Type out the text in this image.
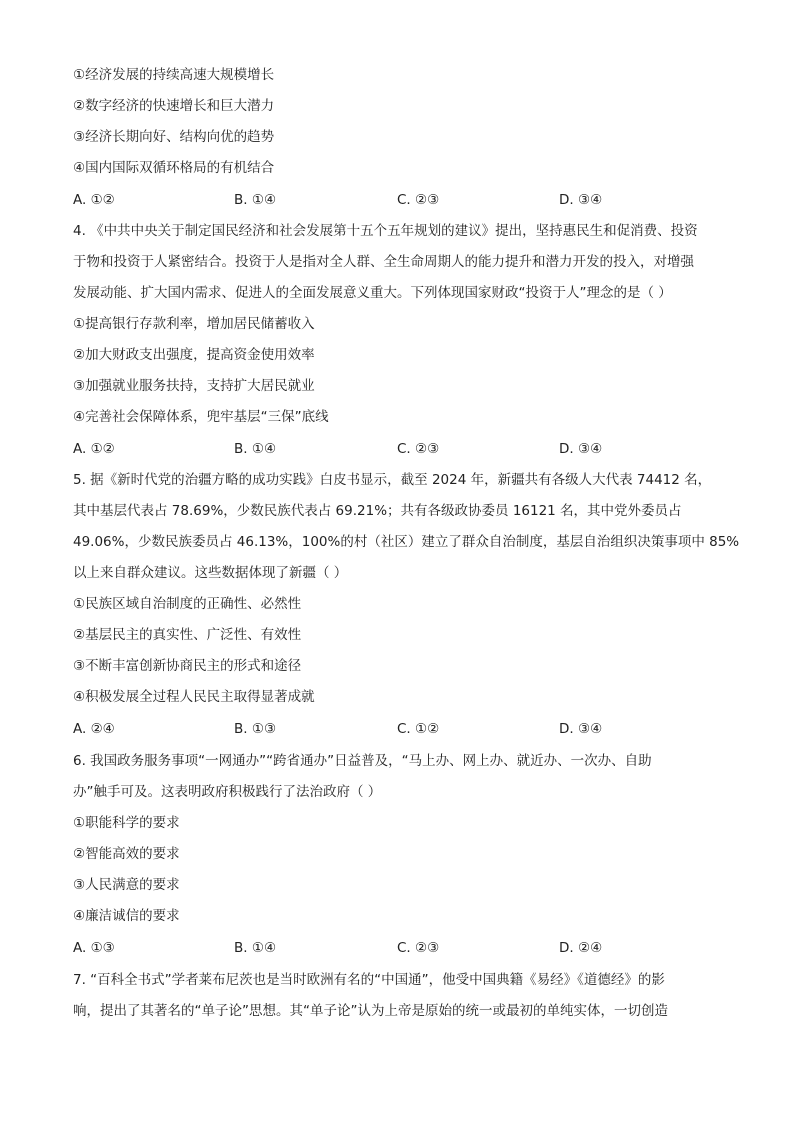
①经济发展的持续高速大规模增长
②数字经济的快速增长和巨大潜力
③经济长期向好、结构向优的趋势
④国内国际双循环格局的有机结合
A. ①②	B. ①④	C. ②③	D. ③④
4. 《中共中央关于制定国民经济和社会发展第十五个五年规划的建议》提出，坚持惠民生和促消费、投资
于物和投资于人紧密结合。投资于人是指对全人群、全生命周期人的能力提升和潜力开发的投入，对增强
发展动能、扩大国内需求、促进人的全面发展意义重大。下列体现国家财政“投资于人”理念的是（ ）
①提高银行存款利率，增加居民储蓄收入
②加大财政支出强度，提高资金使用效率
③加强就业服务扶持，支持扩大居民就业
④完善社会保障体系，兜牢基层“三保”底线
A. ①②	B. ①④	C. ②③	D. ③④
5. 据《新时代党的治疆方略的成功实践》白皮书显示，截至 2024 年，新疆共有各级人大代表 74412 名，
其中基层代表占 78.69%，少数民族代表占 69.21%；共有各级政协委员 16121 名，其中党外委员占
49.06%，少数民族委员占 46.13%，100%的村（社区）建立了群众自治制度，基层自治组织决策事项中 85%
以上来自群众建议。这些数据体现了新疆（ ）
①民族区域自治制度的正确性、必然性
②基层民主的真实性、广泛性、有效性
③不断丰富创新协商民主的形式和途径
④积极发展全过程人民民主取得显著成就
A. ②④	B. ①③	C. ①②	D. ③④
6. 我国政务服务事项“一网通办”“跨省通办”日益普及，“马上办、网上办、就近办、一次办、自助
办”触手可及。这表明政府积极践行了法治政府（ ）
①职能科学的要求
②智能高效的要求
③人民满意的要求
④廉洁诚信的要求
A. ①③	B. ①④	C. ②③	D. ②④
7. “百科全书式”学者莱布尼茨也是当时欧洲有名的“中国通”，他受中国典籍《易经》《道德经》的影
响，提出了其著名的“单子论”思想。其“单子论”认为上帝是原始的统一或最初的单纯实体，一切创造
